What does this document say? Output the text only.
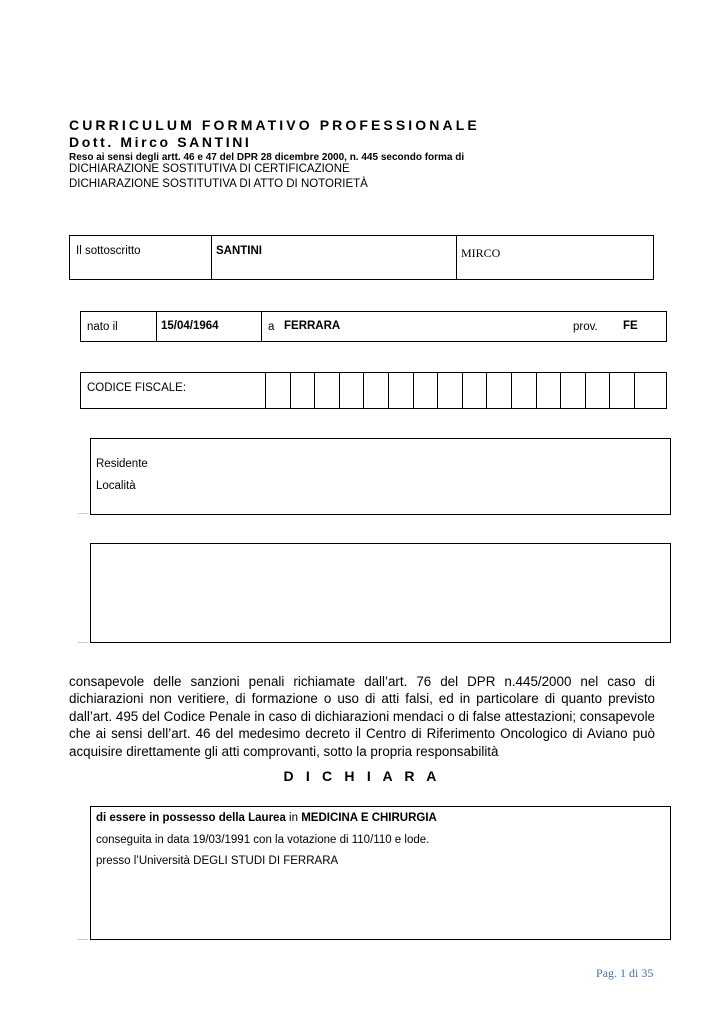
CURRICULUM FORMATIVO PROFESSIONALE
Dott. Mirco SANTINI
Reso ai sensi degli artt. 46 e 47 del DPR 28 dicembre 2000, n. 445 secondo forma di
DICHIARAZIONE SOSTITUTIVA DI CERTIFICAZIONE
DICHIARAZIONE SOSTITUTIVA DI ATTO DI NOTORIETÀ
Il sottoscritto	SANTINI	MIRCO
nato il	15/04/1964	a FERRARA	prov. FE
CODICE FISCALE:
Residente
Località
consapevole delle sanzioni penali richiamate dall’art. 76 del DPR n.445/2000 nel caso di dichiarazioni non veritiere, di formazione o uso di atti falsi, ed in particolare di quanto previsto dall’art. 495 del Codice Penale in caso di dichiarazioni mendaci o di false attestazioni; consapevole che ai sensi dell’art. 46 del medesimo decreto il Centro di Riferimento Oncologico di Aviano può acquisire direttamente gli atti comprovanti, sotto la propria responsabilità
D I C H I A R A
di essere in possesso della Laurea in MEDICINA E CHIRURGIA
conseguita in data 19/03/1991 con la votazione di 110/110 e lode.
presso l’Università DEGLI STUDI DI FERRARA
Pag. 1 di 35
